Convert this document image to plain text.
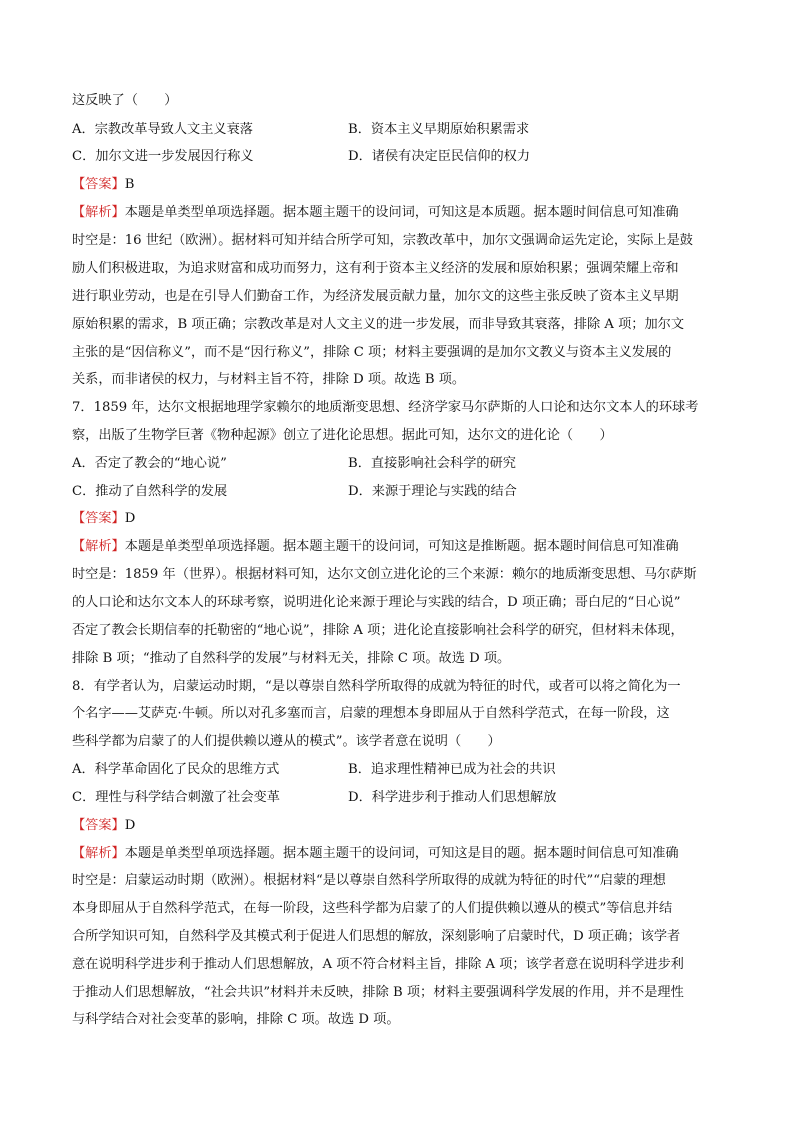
这反映了（　　）
A．宗教改革导致人文主义衰落	B．资本主义早期原始积累需求
C．加尔文进一步发展因行称义	D．诸侯有决定臣民信仰的权力
【答案】B
【解析】本题是单类型单项选择题。据本题主题干的设问词，可知这是本质题。据本题时间信息可知准确
时空是：16 世纪（欧洲）。据材料可知并结合所学可知，宗教改革中，加尔文强调命运先定论，实际上是鼓
励人们积极进取，为追求财富和成功而努力，这有利于资本主义经济的发展和原始积累；强调荣耀上帝和
进行职业劳动，也是在引导人们勤奋工作，为经济发展贡献力量，加尔文的这些主张反映了资本主义早期
原始积累的需求，B 项正确；宗教改革是对人文主义的进一步发展，而非导致其衰落，排除 A 项；加尔文
主张的是“因信称义”，而不是“因行称义”，排除 C 项；材料主要强调的是加尔文教义与资本主义发展的
关系，而非诸侯的权力，与材料主旨不符，排除 D 项。故选 B 项。
7．1859 年，达尔文根据地理学家赖尔的地质渐变思想、经济学家马尔萨斯的人口论和达尔文本人的环球考
察，出版了生物学巨著《物种起源》创立了进化论思想。据此可知，达尔文的进化论（　　）
A．否定了教会的“地心说”	B．直接影响社会科学的研究
C．推动了自然科学的发展	D．来源于理论与实践的结合
【答案】D
【解析】本题是单类型单项选择题。据本题主题干的设问词，可知这是推断题。据本题时间信息可知准确
时空是：1859 年（世界）。根据材料可知，达尔文创立进化论的三个来源：赖尔的地质渐变思想、马尔萨斯
的人口论和达尔文本人的环球考察，说明进化论来源于理论与实践的结合，D 项正确；哥白尼的“日心说”
否定了教会长期信奉的托勒密的“地心说”，排除 A 项；进化论直接影响社会科学的研究，但材料未体现，
排除 B 项；“推动了自然科学的发展”与材料无关，排除 C 项。故选 D 项。
8．有学者认为，启蒙运动时期，“是以尊崇自然科学所取得的成就为特征的时代，或者可以将之简化为一
个名字——艾萨克·牛顿。所以对孔多塞而言，启蒙的理想本身即屈从于自然科学范式，在每一阶段，这
些科学都为启蒙了的人们提供赖以遵从的模式”。该学者意在说明（　　）
A．科学革命固化了民众的思维方式	B．追求理性精神已成为社会的共识
C．理性与科学结合刺激了社会变革	D．科学进步利于推动人们思想解放
【答案】D
【解析】本题是单类型单项选择题。据本题主题干的设问词，可知这是目的题。据本题时间信息可知准确
时空是：启蒙运动时期（欧洲）。根据材料“是以尊崇自然科学所取得的成就为特征的时代”“启蒙的理想
本身即屈从于自然科学范式，在每一阶段，这些科学都为启蒙了的人们提供赖以遵从的模式”等信息并结
合所学知识可知，自然科学及其模式利于促进人们思想的解放，深刻影响了启蒙时代，D 项正确；该学者
意在说明科学进步利于推动人们思想解放，A 项不符合材料主旨，排除 A 项；该学者意在说明科学进步利
于推动人们思想解放，“社会共识”材料并未反映，排除 B 项；材料主要强调科学发展的作用，并不是理性
与科学结合对社会变革的影响，排除 C 项。故选 D 项。
